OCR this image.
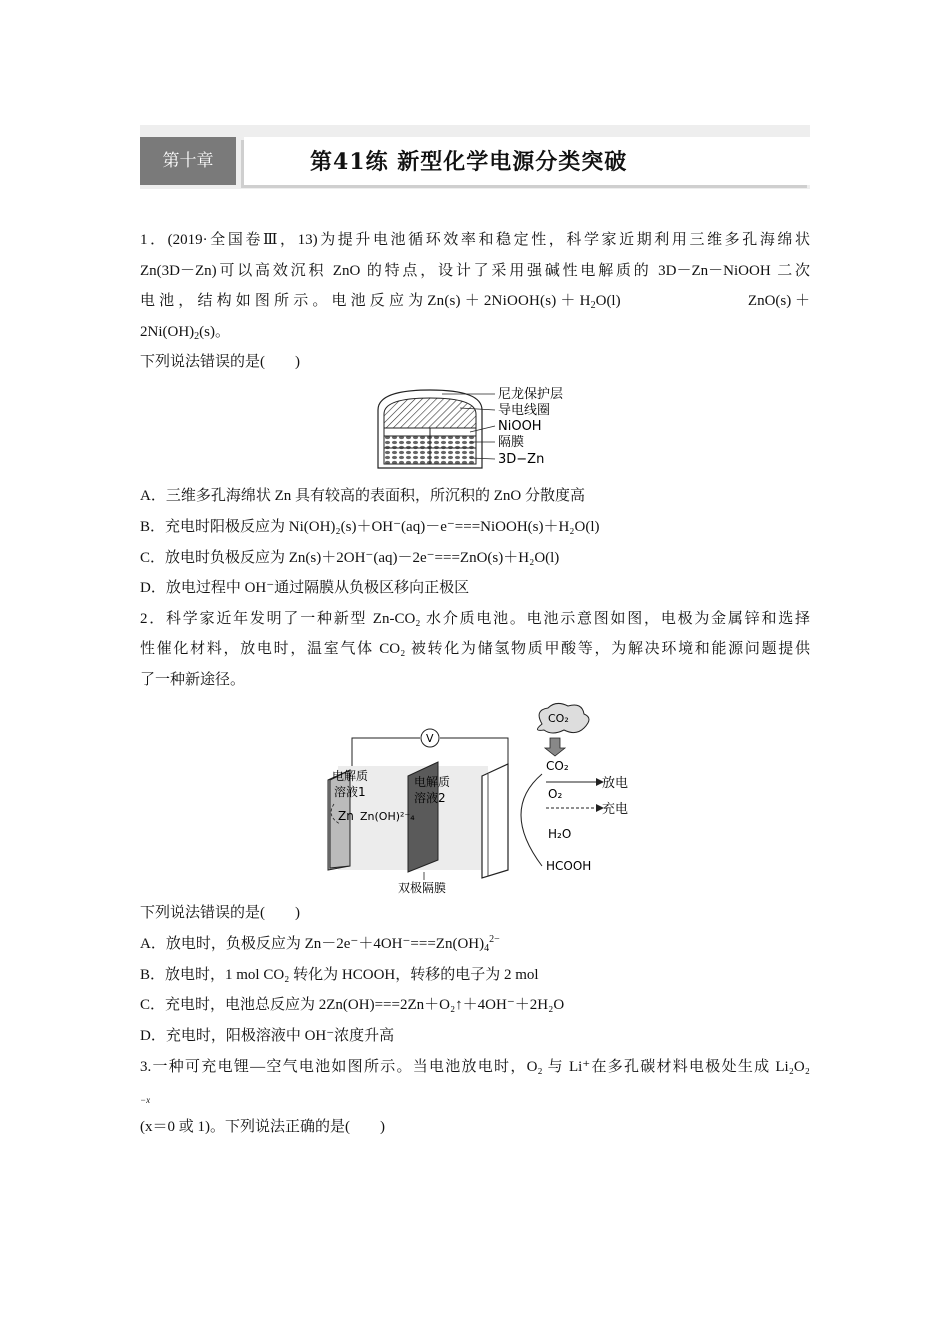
第十章	第41练 新型化学电源分类突破
1．(2019·全国卷Ⅲ，13)为提升电池循环效率和稳定性，科学家近期利用三维多孔海绵状
Zn(3D－Zn)可以高效沉积 ZnO 的特点，设计了采用强碱性电解质的 3D－Zn－NiOOH 二次
电 池 ， 结 构 如 图 所 示 。 电 池 反 应 为 Zn(s) ＋ 2NiOOH(s) ＋ $H_2O(l)$	ZnO(s) ＋
$2Ni(OH)_2(s)$。
下列说法错误的是(　　)
尼龙保护层
导电线圈
NiOOH
隔膜
3D−Zn
A．三维多孔海绵状 Zn 具有较高的表面积，所沉积的 ZnO 分散度高
B．充电时阳极反应为 Ni(OH)₂(s)＋OH⁻(aq)－e⁻===NiOOH(s)＋H₂O(l)
C．放电时负极反应为 Zn(s)＋2OH⁻(aq)－2e⁻===ZnO(s)＋H₂O(l)
D．放电过程中 OH⁻通过隔膜从负极区移向正极区
2．科学家近年发明了一种新型 Zn-CO₂ 水介质电池。电池示意图如图，电极为金属锌和选择
性催化材料，放电时，温室气体 CO₂ 被转化为储氢物质甲酸等，为解决环境和能源问题提供
了一种新途径。
CO₂
V
电解质
溶液1
电解质
溶液2
Zn Zn(OH)²⁻₄
CO₂
放电
O₂
充电
H₂O
HCOOH
双极隔膜
下列说法错误的是(　　)
A．放电时，负极反应为 $Zn-2e^-+4OH^-===Zn(OH)_4^{2-}$
B．放电时，1 mol CO₂ 转化为 HCOOH，转移的电子为 2 mol
C．充电时，电池总反应为 2Zn(OH)===2Zn＋O₂↑＋4OH⁻＋2H₂O
D．充电时，阳极溶液中 OH⁻浓度升高
3.一种可充电锂—空气电池如图所示。当电池放电时，O₂ 与 Li⁺在多孔碳材料电极处生成 Li₂O₂
−x
(x＝0 或 1)。下列说法正确的是(　　)
